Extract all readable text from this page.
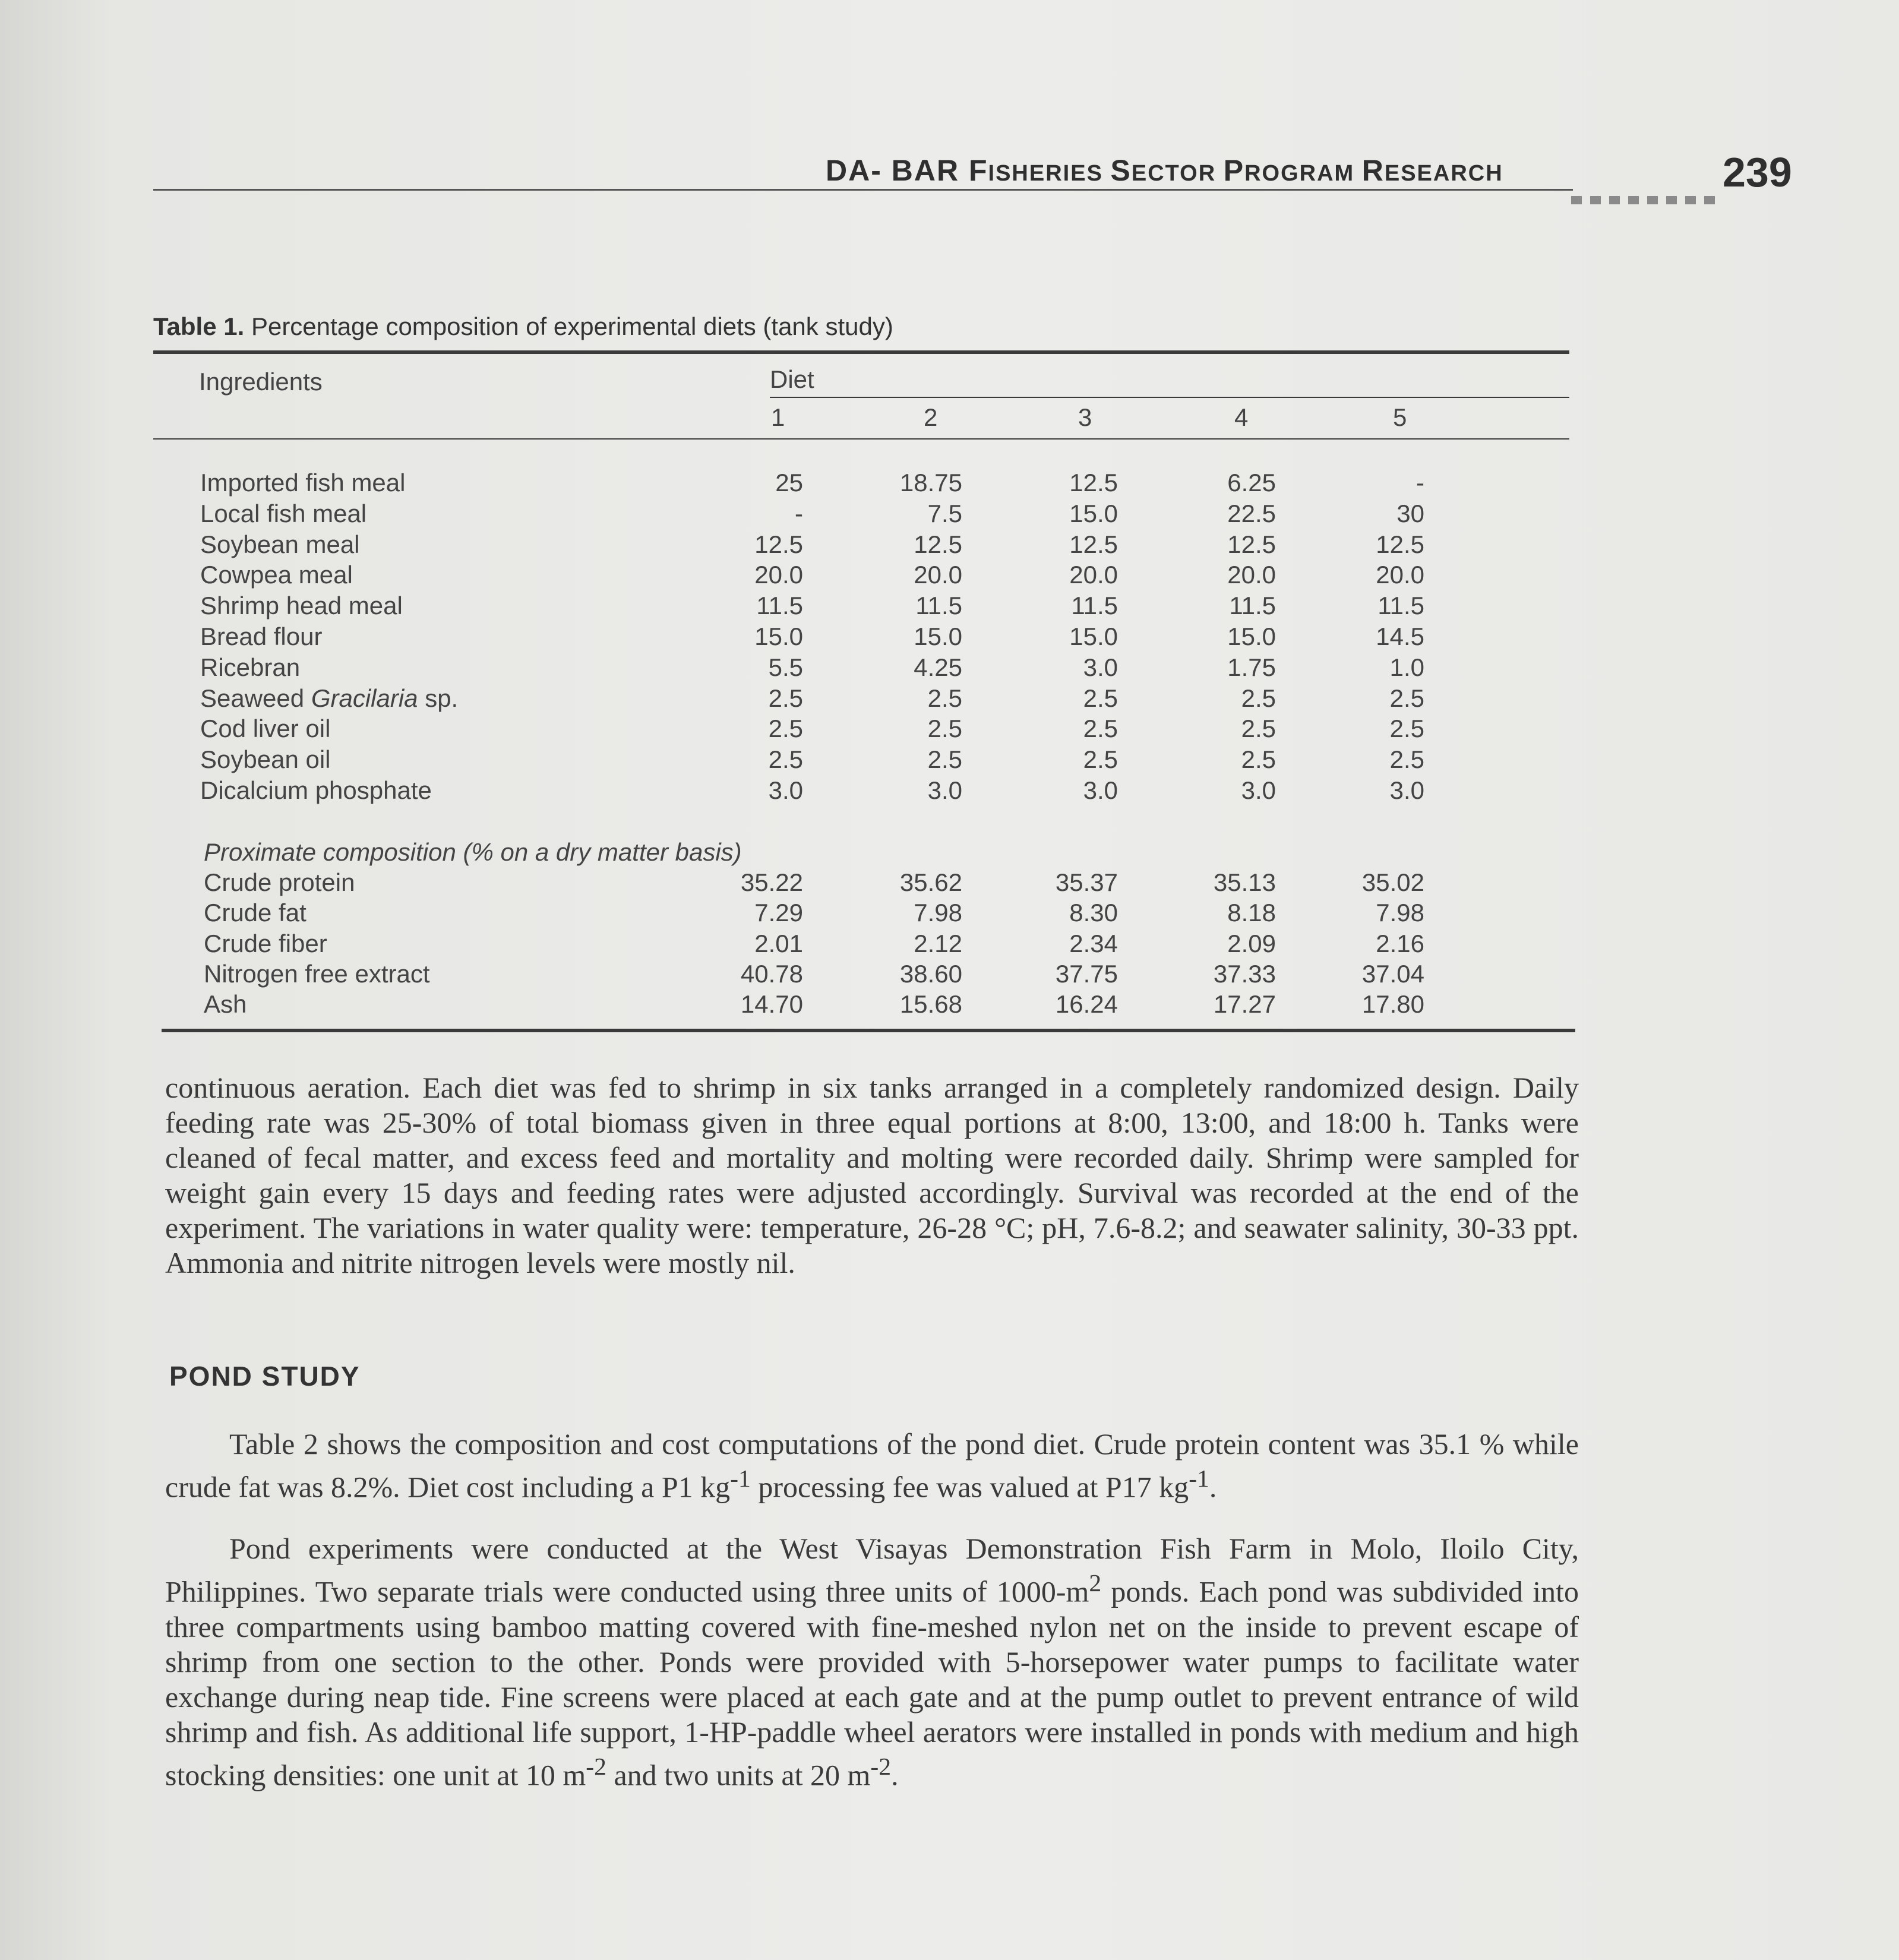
DA- BAR FISHERIES SECTOR PROGRAM RESEARCH	239
Table 1. Percentage composition of experimental diets (tank study)
Ingredients	Diet
1	2	3	4	5
Imported fish meal	25	18.75	12.5	6.25	-
Local fish meal	-	7.5	15.0	22.5	30
Soybean meal	12.5	12.5	12.5	12.5	12.5
Cowpea meal	20.0	20.0	20.0	20.0	20.0
Shrimp head meal	11.5	11.5	11.5	11.5	11.5
Bread flour	15.0	15.0	15.0	15.0	14.5
Ricebran	5.5	4.25	3.0	1.75	1.0
Seaweed Gracilaria sp.	2.5	2.5	2.5	2.5	2.5
Cod liver oil	2.5	2.5	2.5	2.5	2.5
Soybean oil	2.5	2.5	2.5	2.5	2.5
Dicalcium phosphate	3.0	3.0	3.0	3.0	3.0
Proximate composition (% on a dry matter basis)
Crude protein	35.22	35.62	35.37	35.13	35.02
Crude fat	7.29	7.98	8.30	8.18	7.98
Crude fiber	2.01	2.12	2.34	2.09	2.16
Nitrogen free extract	40.78	38.60	37.75	37.33	37.04
Ash	14.70	15.68	16.24	17.27	17.80

continuous aeration. Each diet was fed to shrimp in six tanks arranged in a completely randomized design. Daily feeding rate was 25-30% of total biomass given in three equal portions at 8:00, 13:00, and 18:00 h. Tanks were cleaned of fecal matter, and excess feed and mortality and molting were recorded daily. Shrimp were sampled for weight gain every 15 days and feeding rates were adjusted accordingly. Survival was recorded at the end of the experiment. The variations in water quality were: temperature, 26-28 °C; pH, 7.6-8.2; and seawater salinity, 30-33 ppt. Ammonia and nitrite nitrogen levels were mostly nil.

POND STUDY

Table 2 shows the composition and cost computations of the pond diet. Crude protein content was 35.1 % while crude fat was 8.2%. Diet cost including a P1 $kg^{-1}$ processing fee was valued at P17 $kg^{-1}$.

Pond experiments were conducted at the West Visayas Demonstration Fish Farm in Molo, Iloilo City, Philippines. Two separate trials were conducted using three units of $1000-m^2$ ponds. Each pond was subdivided into three compartments using bamboo matting covered with fine-meshed nylon net on the inside to prevent escape of shrimp from one section to the other. Ponds were provided with 5-horsepower water pumps to facilitate water exchange during neap tide. Fine screens were placed at each gate and at the pump outlet to prevent entrance of wild shrimp and fish. As additional life support, 1-HP-paddle wheel aerators were installed in ponds with medium and high stocking densities: one unit at 10 $m^{-2}$ and two units at 20 $m^{-2}$.
